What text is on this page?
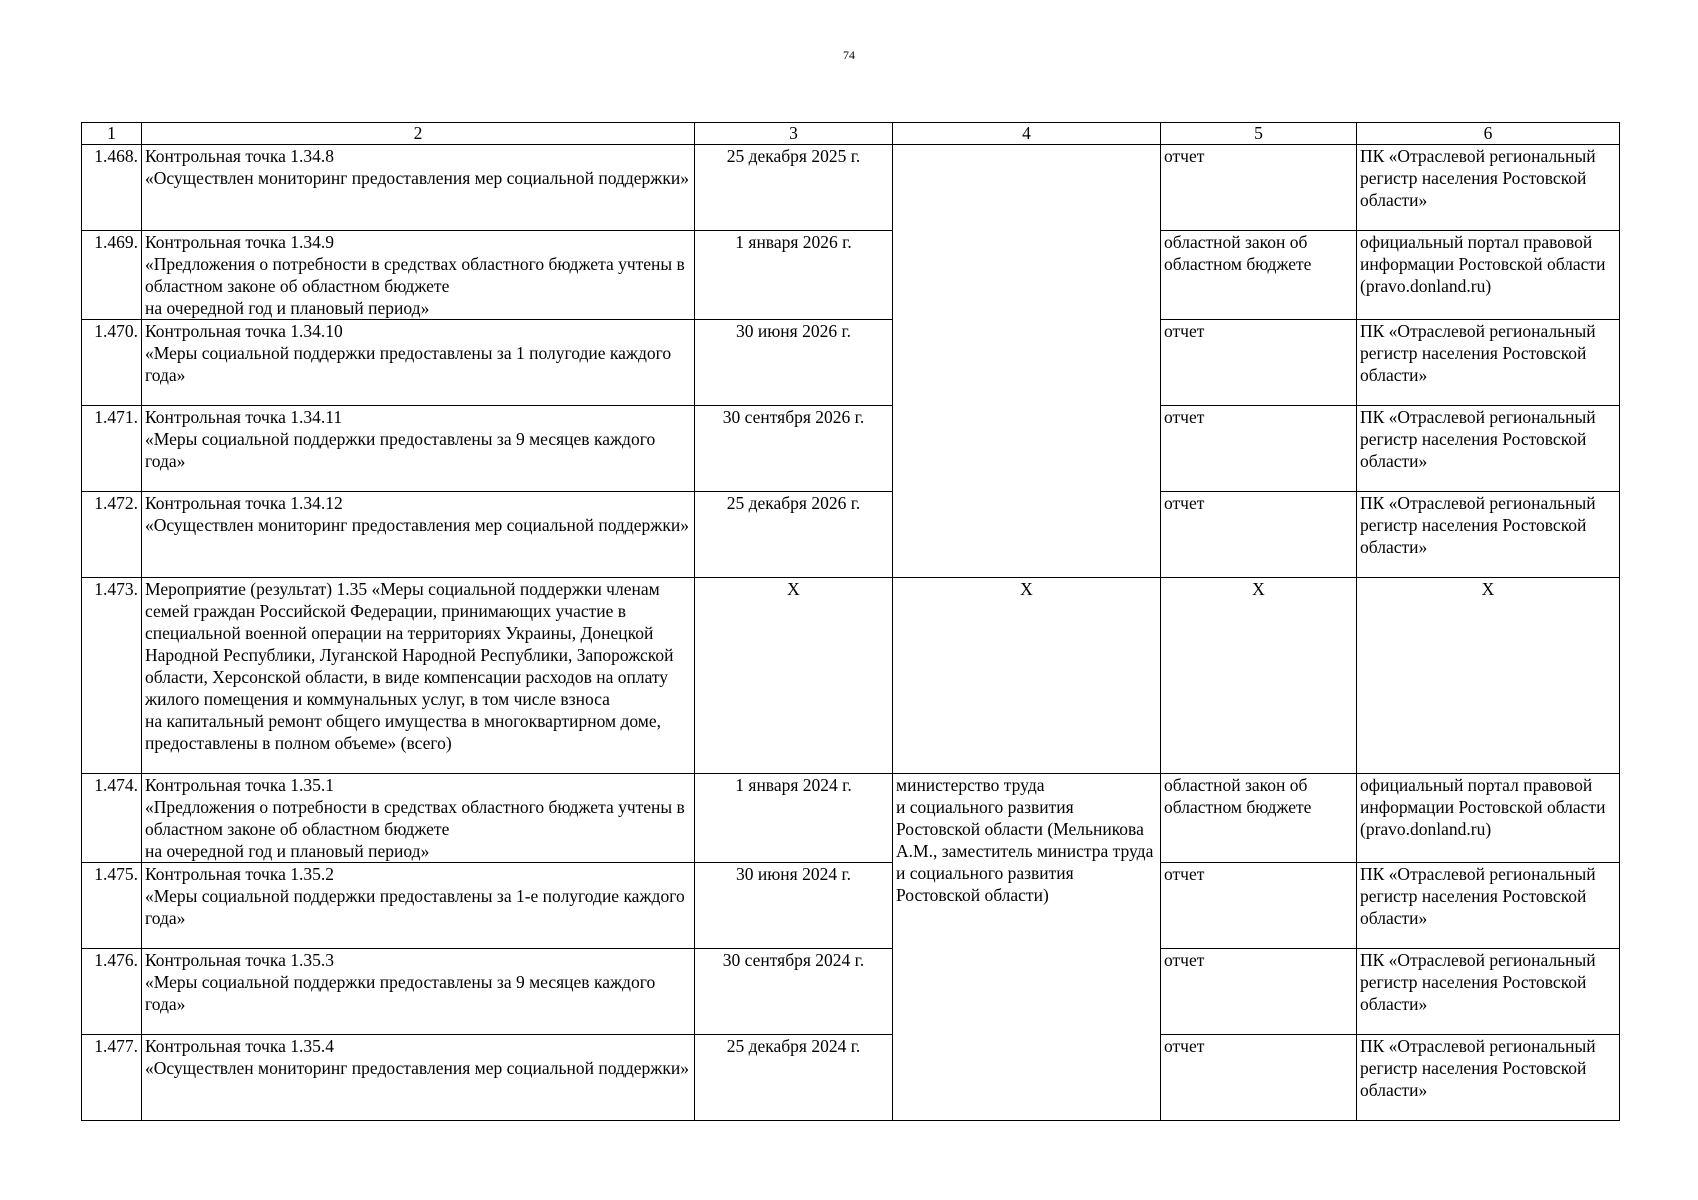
74
1	2	3	4	5	6
1.468.	Контрольная точка 1.34.8
«Осуществлен мониторинг предоставления мер социальной поддержки»	25 декабря 2025 г.		отчет	ПК «Отраслевой региональный регистр населения Ростовской области»
1.469.	Контрольная точка 1.34.9
«Предложения о потребности в средствах областного бюджета учтены в областном законе об областном бюджете
на очередной год и плановый период»	1 января 2026 г.		областной закон об областном бюджете	официальный портал правовой информации Ростовской области (pravo.donland.ru)
1.470.	Контрольная точка 1.34.10
«Меры социальной поддержки предоставлены за 1 полугодие каждого года»	30 июня 2026 г.		отчет	ПК «Отраслевой региональный регистр населения Ростовской области»
1.471.	Контрольная точка 1.34.11
«Меры социальной поддержки предоставлены за 9 месяцев каждого года»	30 сентября 2026 г.		отчет	ПК «Отраслевой региональный регистр населения Ростовской области»
1.472.	Контрольная точка 1.34.12
«Осуществлен мониторинг предоставления мер социальной поддержки»	25 декабря 2026 г.		отчет	ПК «Отраслевой региональный регистр населения Ростовской области»
1.473.	Мероприятие (результат) 1.35 «Меры социальной поддержки членам семей граждан Российской Федерации, принимающих участие в специальной военной операции на территориях Украины, Донецкой Народной Республики, Луганской Народной Республики, Запорожской области, Херсонской области, в виде компенсации расходов на оплату жилого помещения и коммунальных услуг, в том числе взноса
на капитальный ремонт общего имущества в многоквартирном доме, предоставлены в полном объеме» (всего)	X	X	X	X
1.474.	Контрольная точка 1.35.1
«Предложения о потребности в средствах областного бюджета учтены в областном законе об областном бюджете
на очередной год и плановый период»	1 января 2024 г.	министерство труда
и социального развития Ростовской области (Мельникова А.М., заместитель министра труда
и социального развития Ростовской области)	областной закон об областном бюджете	официальный портал правовой информации Ростовской области (pravo.donland.ru)
1.475.	Контрольная точка 1.35.2
«Меры социальной поддержки предоставлены за 1-е полугодие каждого года»	30 июня 2024 г.		отчет	ПК «Отраслевой региональный регистр населения Ростовской области»
1.476.	Контрольная точка 1.35.3
«Меры социальной поддержки предоставлены за 9 месяцев каждого года»	30 сентября 2024 г.		отчет	ПК «Отраслевой региональный регистр населения Ростовской области»
1.477.	Контрольная точка 1.35.4
«Осуществлен мониторинг предоставления мер социальной поддержки»	25 декабря 2024 г.		отчет	ПК «Отраслевой региональный регистр населения Ростовской области»
